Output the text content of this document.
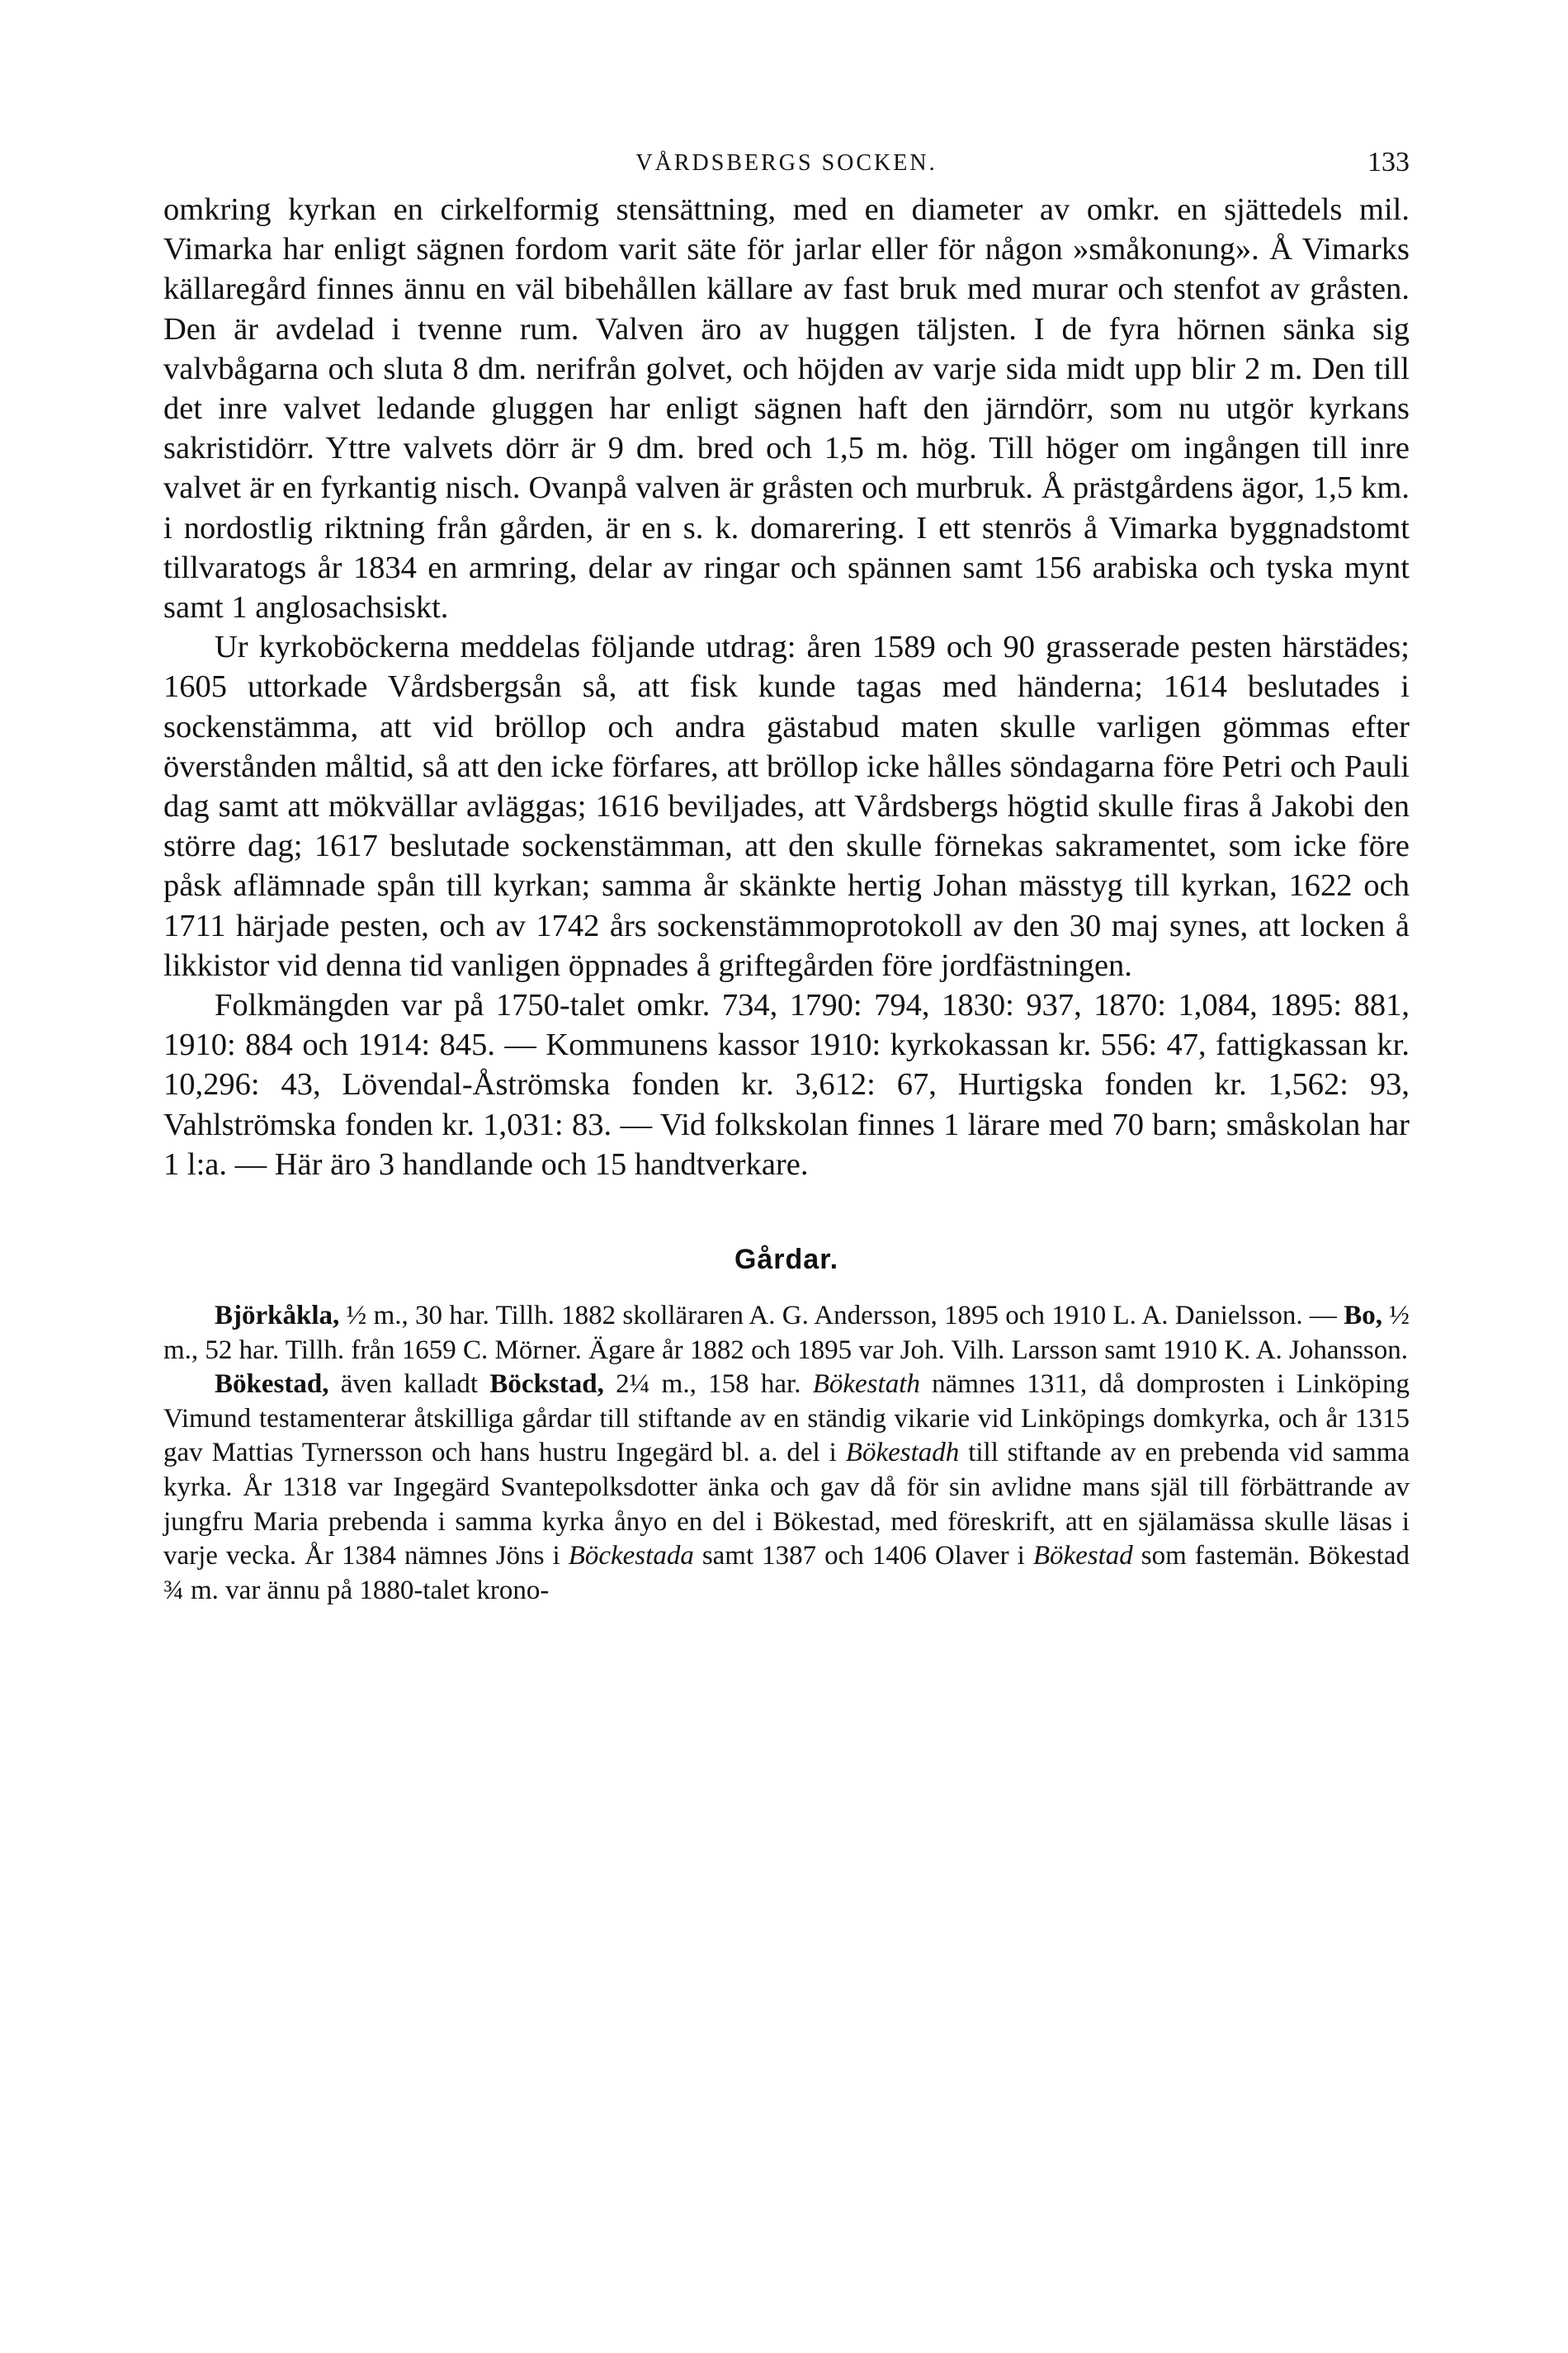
VÅRDSBERGS SOCKEN.	133

omkring kyrkan en cirkelformig stensättning, med en diameter av omkr. en sjättedels mil. Vimarka har enligt sägnen fordom varit säte för jarlar eller för någon »småkonung». Å Vimarks källaregård finnes ännu en väl bibehållen källare av fast bruk med murar och stenfot av gråsten. Den är avdelad i tvenne rum. Valven äro av huggen täljsten. I de fyra hörnen sänka sig valvbågarna och sluta 8 dm. nerifrån golvet, och höjden av varje sida midt upp blir 2 m. Den till det inre valvet ledande gluggen har enligt sägnen haft den järndörr, som nu utgör kyrkans sakristidörr. Yttre valvets dörr är 9 dm. bred och 1,5 m. hög. Till höger om ingången till inre valvet är en fyrkantig nisch. Ovanpå valven är gråsten och murbruk. Å prästgårdens ägor, 1,5 km. i nordostlig riktning från gården, är en s. k. domarering. I ett stenrös å Vimarka byggnadstomt tillvaratogs år 1834 en armring, delar av ringar och spännen samt 156 arabiska och tyska mynt samt 1 anglosachsiskt.

Ur kyrkoböckerna meddelas följande utdrag: åren 1589 och 90 grasserade pesten härstädes; 1605 uttorkade Vårdsbergsån så, att fisk kunde tagas med händerna; 1614 beslutades i sockenstämma, att vid bröllop och andra gästabud maten skulle varligen gömmas efter överstånden måltid, så att den icke förfares, att bröllop icke hålles söndagarna före Petri och Pauli dag samt att mökvällar avläggas; 1616 beviljades, att Vårdsbergs högtid skulle firas å Jakobi den större dag; 1617 beslutade sockenstämman, att den skulle förnekas sakramentet, som icke före påsk aflämnade spån till kyrkan; samma år skänkte hertig Johan mässtyg till kyrkan, 1622 och 1711 härjade pesten, och av 1742 års sockenstämmoprotokoll av den 30 maj synes, att locken å likkistor vid denna tid vanligen öppnades å griftegården före jordfästningen.

Folkmängden var på 1750-talet omkr. 734, 1790: 794, 1830: 937, 1870: 1,084, 1895: 881, 1910: 884 och 1914: 845. — Kommunens kassor 1910: kyrkokassan kr. 556: 47, fattigkassan kr. 10,296: 43, Lövendal-Åströmska fonden kr. 3,612: 67, Hurtigska fonden kr. 1,562: 93, Vahlströmska fonden kr. 1,031: 83. — Vid folkskolan finnes 1 lärare med 70 barn; småskolan har 1 l:a. — Här äro 3 handlande och 15 handtverkare.

Gårdar.

Björkåkla, ½ m., 30 har. Tillh. 1882 skolläraren A. G. Andersson, 1895 och 1910 L. A. Danielsson. — Bo, ½ m., 52 har. Tillh. från 1659 C. Mörner. Ägare år 1882 och 1895 var Joh. Vilh. Larsson samt 1910 K. A. Johansson.

Bökestad, även kalladt Böckstad, 2¼ m., 158 har. Bökestath nämnes 1311, då domprosten i Linköping Vimund testamenterar åtskilliga gårdar till stiftande av en ständig vikarie vid Linköpings domkyrka, och år 1315 gav Mattias Tyrnersson och hans hustru Ingegärd bl. a. del i Bökestadh till stiftande av en prebenda vid samma kyrka. År 1318 var Ingegärd Svantepolksdotter änka och gav då för sin avlidne mans själ till förbättrande av jungfru Maria prebenda i samma kyrka ånyo en del i Bökestad, med föreskrift, att en själamässa skulle läsas i varje vecka. År 1384 nämnes Jöns i Böckestada samt 1387 och 1406 Olaver i Bökestad som fastemän. Bökestad ¾ m. var ännu på 1880-talet krono-
